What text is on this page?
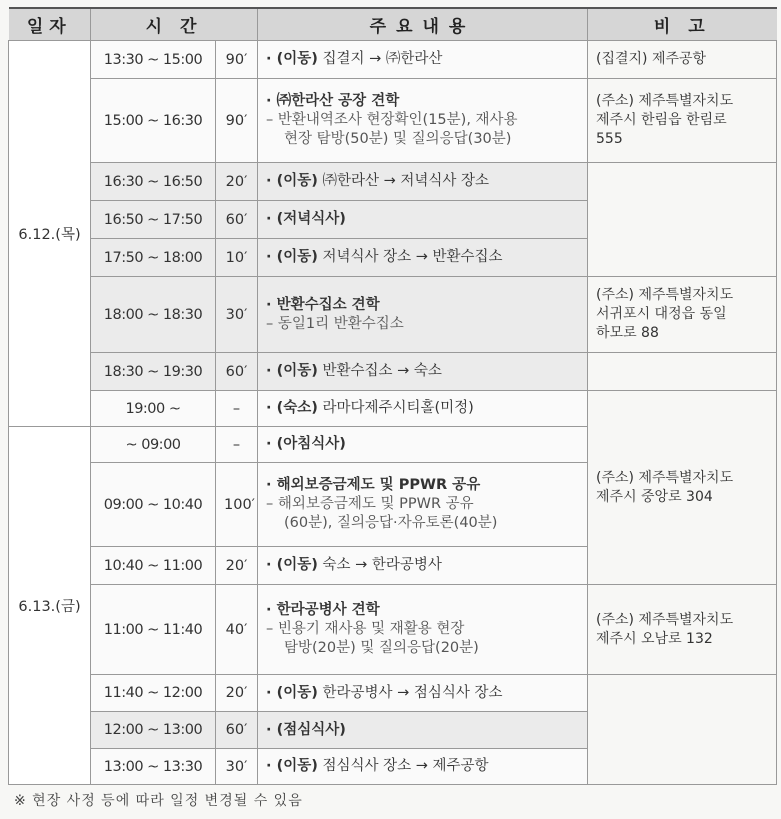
일자	시 간		주요내용	비 고
6.12.(목)	13:30 ~ 15:00	90′	· (이동) 집결지 → ㈜한라산	(집결지) 제주공항
	15:00 ~ 16:30	90′	· ㈜한라산 공장 견학
– 반환내역조사 현장확인(15분), 재사용
현장 탐방(50분) 및 질의응답(30분)	(주소) 제주특별자치도
제주시 한림읍 한림로
555

	16:30 ~ 16:50	20′	· (이동) ㈜한라산 → 저녁식사 장소	
	16:50 ~ 17:50	60′	· (저녁식사)	
	17:50 ~ 18:00	10′	· (이동) 저녁식사 장소 → 반환수집소	
	18:00 ~ 18:30	30′	· 반환수집소 견학
– 동일1리 반환수집소	(주소) 제주특별자치도
서귀포시 대정읍 동일
하모로 88

	18:30 ~ 19:30	60′	· (이동) 반환수집소 → 숙소	
	19:00 ~	–	· (숙소) 라마다제주시티홀(미정)	(주소) 제주특별자치도
제주시 중앙로 304

6.13.(금)	~ 09:00	–	· (아침식사)	
	09:00 ~ 10:40	100′	· 해외보증금제도 및 PPWR 공유
– 해외보증금제도 및 PPWR 공유
(60분), 질의응답·자유토론(40분)	

	10:40 ~ 11:00	20′	· (이동) 숙소 → 한라공병사	
	11:00 ~ 11:40	40′	· 한라공병사 견학
– 빈용기 재사용 및 재활용 현장
탐방(20분) 및 질의응답(20분)	(주소) 제주특별자치도
제주시 오남로 132

	11:40 ~ 12:00	20′	· (이동) 한라공병사 → 점심식사 장소	
	12:00 ~ 13:00	60′	· (점심식사)	
	13:00 ~ 13:30	30′	· (이동) 점심식사 장소 → 제주공항	
※ 현장 사정 등에 따라 일정 변경될 수 있음
